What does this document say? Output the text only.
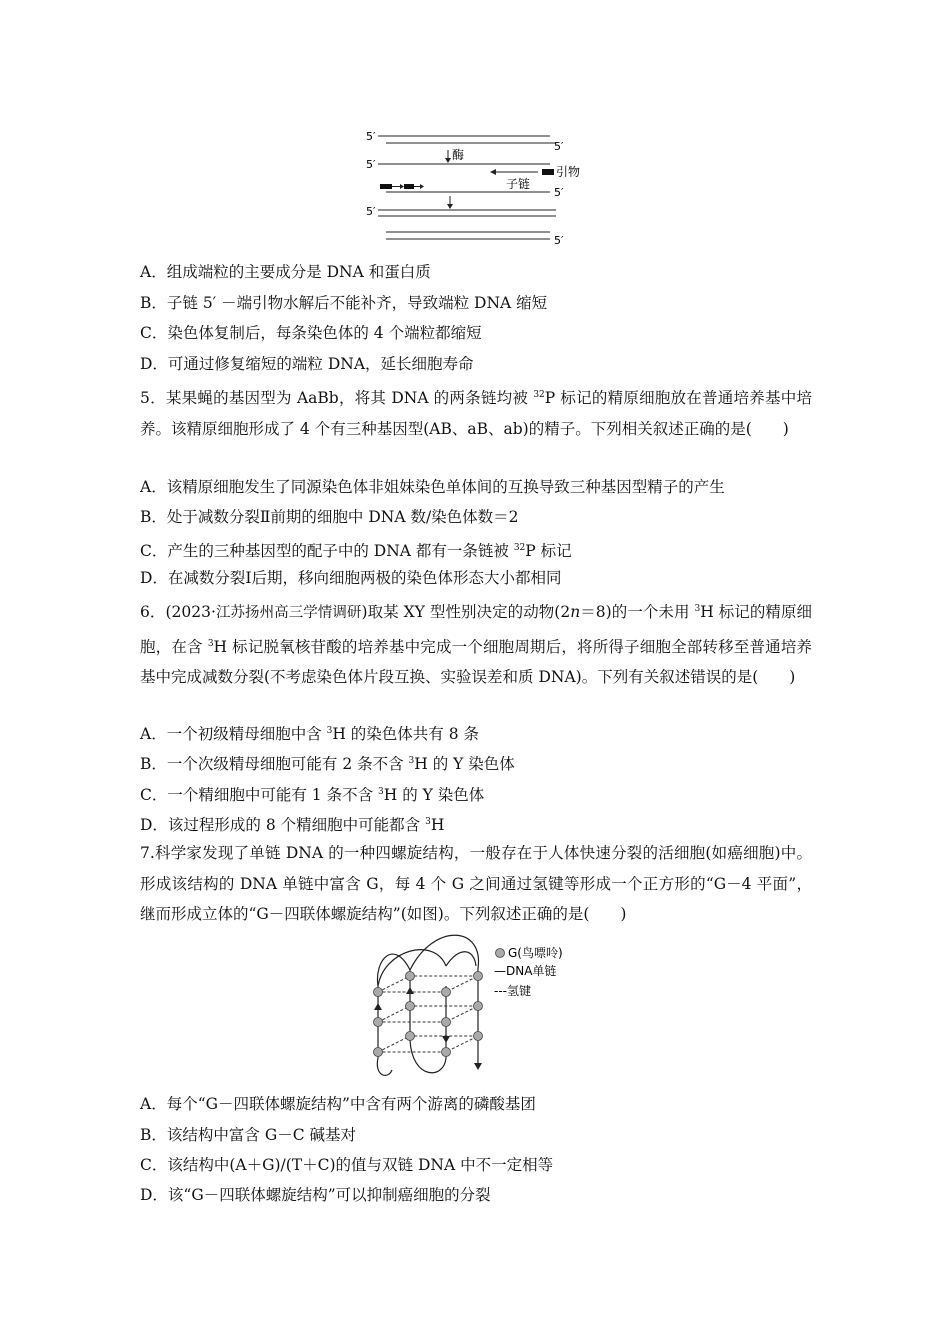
5′
5′
5′
酶
引物
子链
5′
5′
5′
A．组成端粒的主要成分是 DNA 和蛋白质
B．子链 5′ －端引物水解后不能补齐，导致端粒 DNA 缩短
C．染色体复制后，每条染色体的 4 个端粒都缩短
D．可通过修复缩短的端粒 DNA，延长细胞寿命
5．某果蝇的基因型为 AaBb，将其 DNA 的两条链均被 $^{32}$P 标记的精原细胞放在普通培养基中培养。该精原细胞形成了 4 个有三种基因型(AB、aB、ab)的精子。下列相关叙述正确的是(　　)
A．该精原细胞发生了同源染色体非姐妹染色单体间的互换导致三种基因型精子的产生
B．处于减数分裂Ⅱ前期的细胞中 DNA 数/染色体数＝2
C．产生的三种基因型的配子中的 DNA 都有一条链被 $^{32}$P 标记
D．在减数分裂Ⅰ后期，移向细胞两极的染色体形态大小都相同
6．(2023·江苏扬州高三学情调研)取某 XY 型性别决定的动物(2n＝8)的一个未用 $^3$H 标记的精原细胞，在含 $^3$H 标记脱氧核苷酸的培养基中完成一个细胞周期后，将所得子细胞全部转移至普通培养基中完成减数分裂(不考虑染色体片段互换、实验误差和质 DNA)。下列有关叙述错误的是(　　)
A．一个初级精母细胞中含 $^3$H 的染色体共有 8 条
B．一个次级精母细胞可能有 2 条不含 $^3$H 的 Y 染色体
C．一个精细胞中可能有 1 条不含 $^3$H 的 Y 染色体
D．该过程形成的 8 个精细胞中可能都含 $^3$H
7.科学家发现了单链 DNA 的一种四螺旋结构，一般存在于人体快速分裂的活细胞(如癌细胞)中。形成该结构的 DNA 单链中富含 G，每 4 个 G 之间通过氢键等形成一个正方形的“G－4 平面”，继而形成立体的“G－四联体螺旋结构”(如图)。下列叙述正确的是(　　)
G(鸟嘌呤)
—DNA单链
---氢键
A．每个“G－四联体螺旋结构”中含有两个游离的磷酸基团
B．该结构中富含 G－C 碱基对
C．该结构中(A＋G)/(T＋C)的值与双链 DNA 中不一定相等
D．该“G－四联体螺旋结构”可以抑制癌细胞的分裂
